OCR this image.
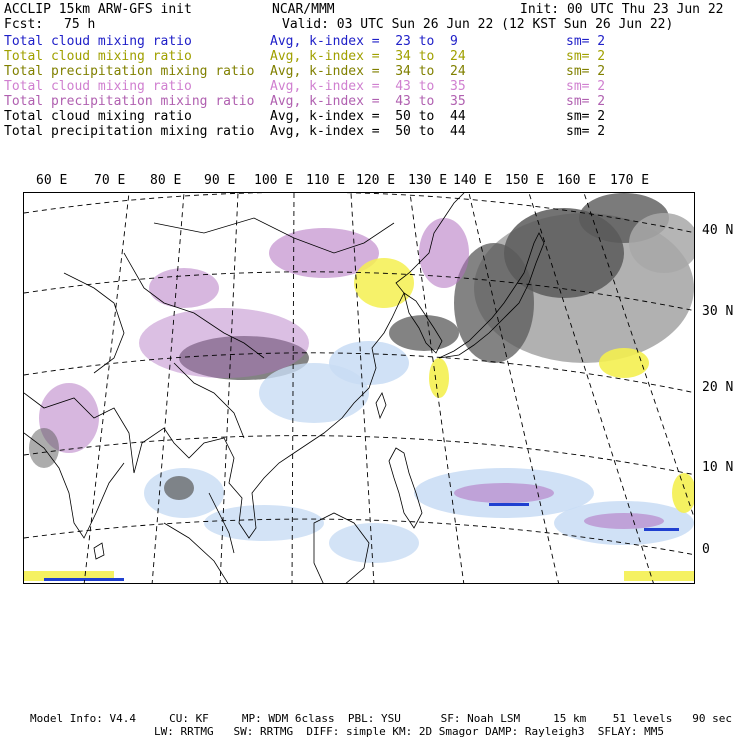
ACCLIP 15km ARW-GFS init	NCAR/MMM	Init: 00 UTC Thu 23 Jun 22
Fcst: 75 h	Valid: 03 UTC Sun 26 Jun 22 (12 KST Sun 26 Jun 22)
Total cloud mixing ratio	Avg, k-index =  23 to  9	sm= 2
Total cloud mixing ratio	Avg, k-index =  34 to  24	sm= 2
Total precipitation mixing ratio Avg, k-index =  34 to  24	sm= 2
Total cloud mixing ratio	Avg, k-index =  43 to  35	sm= 2
Total precipitation mixing ratio Avg, k-index =  43 to  35	sm= 2
Total cloud mixing ratio	Avg, k-index =  50 to  44	sm= 2
Total precipitation mixing ratio Avg, k-index =  50 to  44	sm= 2
60 E 70 E 80 E 90 E 100 E 110 E 120 E 130 E 140 E 150 E 160 E 170 E
40 N
30 N
20 N
10 N
0
Model Info: V4.4     CU: KF     MP: WDM 6class  PBL: YSU      SF: Noah LSM     15 km    51 levels   90 sec
LW: RRTMG   SW: RRTMG  DIFF: simple KM: 2D Smagor DAMP: Rayleigh3  SFLAY: MM5
